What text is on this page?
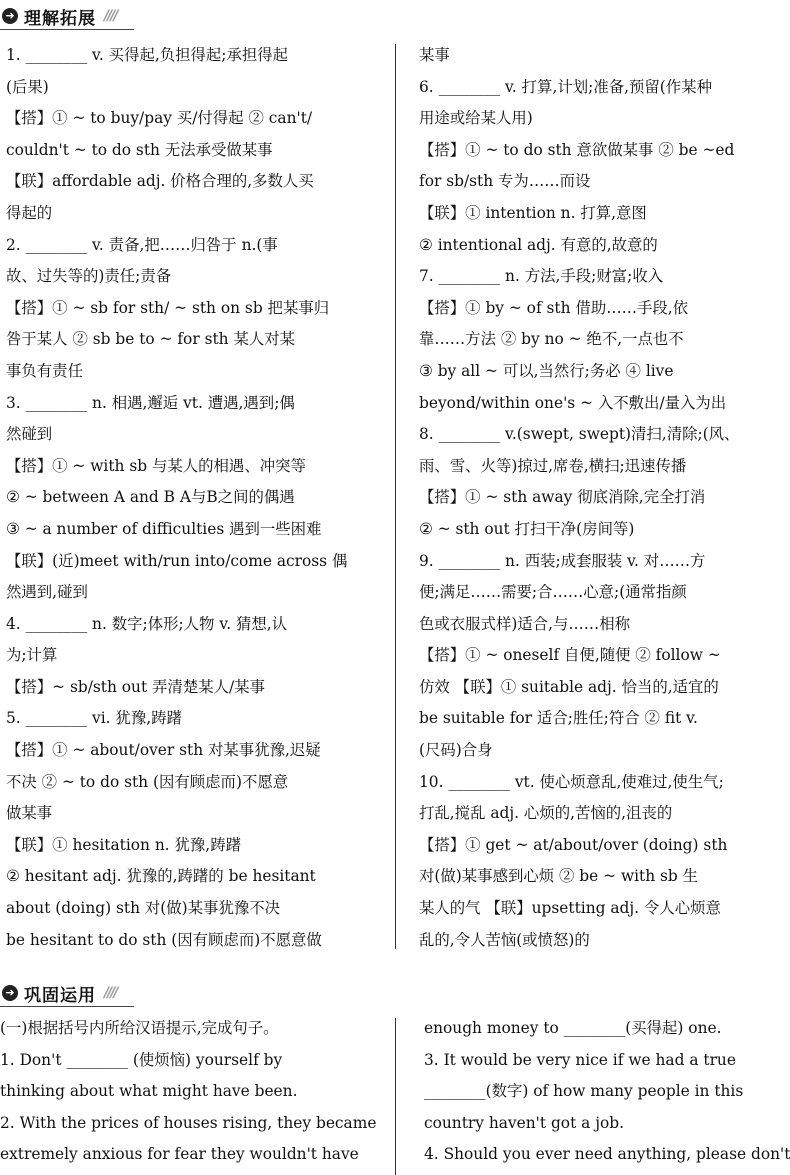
➜ 理解拓展 ////

1. ________ v. 买得起,负担得起;承担得起

(后果)

【搭】① ~ to buy/pay 买/付得起 ② can't/

couldn't ~ to do sth 无法承受做某事

【联】affordable adj. 价格合理的,多数人买

得起的

2. ________ v. 责备,把……归咎于 n.(事

故、过失等的)责任;责备

【搭】① ~ sb for sth/ ~ sth on sb 把某事归

咎于某人 ② sb be to ~ for sth 某人对某

事负有责任

3. ________ n. 相遇,邂逅 vt. 遭遇,遇到;偶

然碰到

【搭】① ~ with sb 与某人的相遇、冲突等

② ~ between A and B A与B之间的偶遇

③ ~ a number of difficulties 遇到一些困难

【联】(近)meet with/run into/come across 偶

然遇到,碰到

4. ________ n. 数字;体形;人物 v. 猜想,认

为;计算

【搭】~ sb/sth out 弄清楚某人/某事

5. ________ vi. 犹豫,踌躇

【搭】① ~ about/over sth 对某事犹豫,迟疑

不决 ② ~ to do sth (因有顾虑而)不愿意

做某事

【联】① hesitation n. 犹豫,踌躇

② hesitant adj. 犹豫的,踌躇的 be hesitant

about (doing) sth 对(做)某事犹豫不决

be hesitant to do sth (因有顾虑而)不愿意做

某事

6. ________ v. 打算,计划;准备,预留(作某种

用途或给某人用)

【搭】① ~ to do sth 意欲做某事 ② be ~ed

for sb/sth 专为……而设

【联】① intention n. 打算,意图

② intentional adj. 有意的,故意的

7. ________ n. 方法,手段;财富;收入

【搭】① by ~ of sth 借助……手段,依

靠……方法 ② by no ~ 绝不,一点也不

③ by all ~ 可以,当然行;务必 ④ live

beyond/within one's ~ 入不敷出/量入为出

8. ________ v.(swept, swept)清扫,清除;(风、

雨、雪、火等)掠过,席卷,横扫;迅速传播

【搭】① ~ sth away 彻底消除,完全打消

② ~ sth out 打扫干净(房间等)

9. ________ n. 西装;成套服装 v. 对……方

便;满足……需要;合……心意;(通常指颜

色或衣服式样)适合,与……相称

【搭】① ~ oneself 自便,随便 ② follow ~

仿效 【联】① suitable adj. 恰当的,适宜的

be suitable for 适合;胜任;符合 ② fit v.

(尺码)合身

10. ________ vt. 使心烦意乱,使难过,使生气;

打乱,搅乱 adj. 心烦的,苦恼的,沮丧的

【搭】① get ~ at/about/over (doing) sth

对(做)某事感到心烦 ② be ~ with sb 生

某人的气 【联】upsetting adj. 令人心烦意

乱的,令人苦恼(或愤怒)的

➜ 巩固运用 ////

(一)根据括号内所给汉语提示,完成句子。

1. Don't ________ (使烦恼) yourself by

thinking about what might have been.

2. With the prices of houses rising, they became

extremely anxious for fear they wouldn't have

enough money to ________(买得起) one.

3. It would be very nice if we had a true

________(数字) of how many people in this

country haven't got a job.

4. Should you ever need anything, please don't
